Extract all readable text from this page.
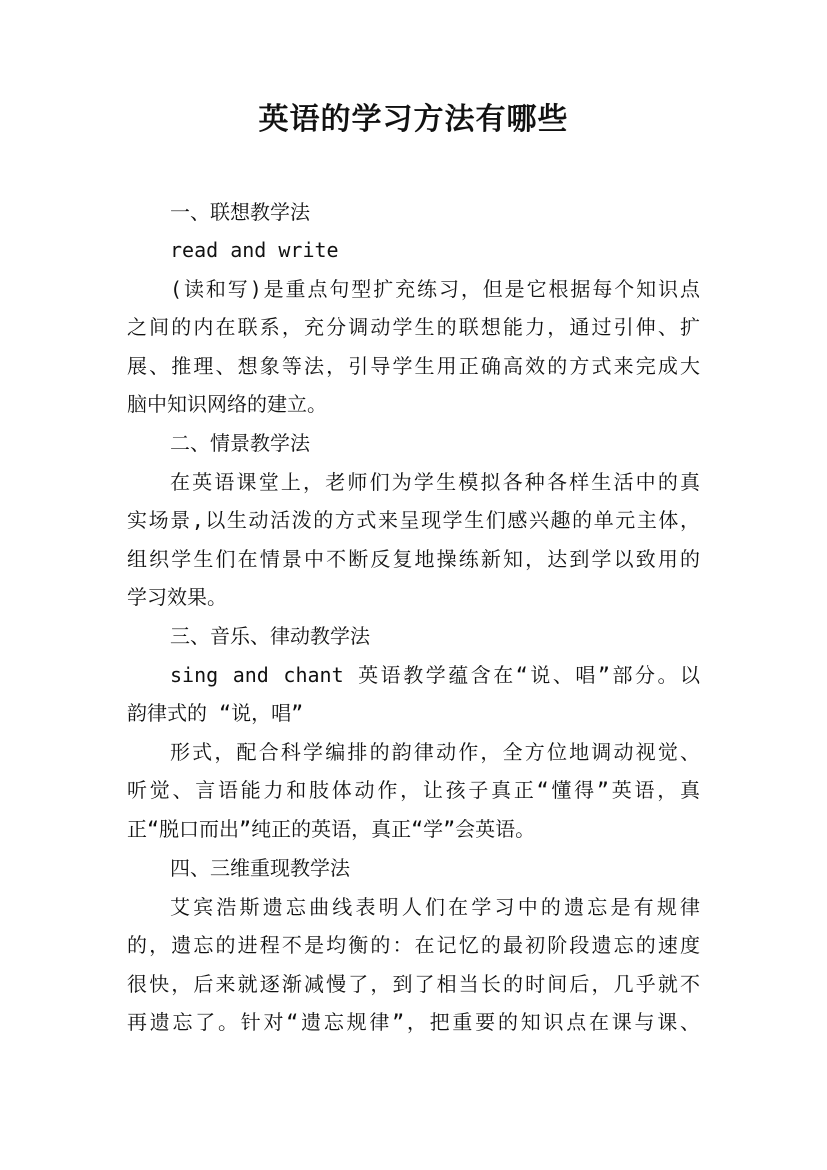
英语的学习方法有哪些
一、联想教学法
read and write
(读和写)是重点句型扩充练习，但是它根据每个知识点
之间的内在联系，充分调动学生的联想能力，通过引伸、扩
展、推理、想象等法，引导学生用正确高效的方式来完成大
脑中知识网络的建立。
二、情景教学法
在英语课堂上，老师们为学生模拟各种各样生活中的真
实场景,以生动活泼的方式来呈现学生们感兴趣的单元主体，
组织学生们在情景中不断反复地操练新知，达到学以致用的
学习效果。
三、音乐、律动教学法
sing and chant 英语教学蕴含在“说、唱”部分。以
韵律式的 “说，唱”
形式，配合科学编排的韵律动作，全方位地调动视觉、
听觉、言语能力和肢体动作，让孩子真正“懂得”英语，真
正“脱口而出”纯正的英语，真正“学”会英语。
四、三维重现教学法
艾宾浩斯遗忘曲线表明人们在学习中的遗忘是有规律
的，遗忘的进程不是均衡的：在记忆的最初阶段遗忘的速度
很快，后来就逐渐减慢了，到了相当长的时间后，几乎就不
再遗忘了。针对“遗忘规律”，把重要的知识点在课与课、
